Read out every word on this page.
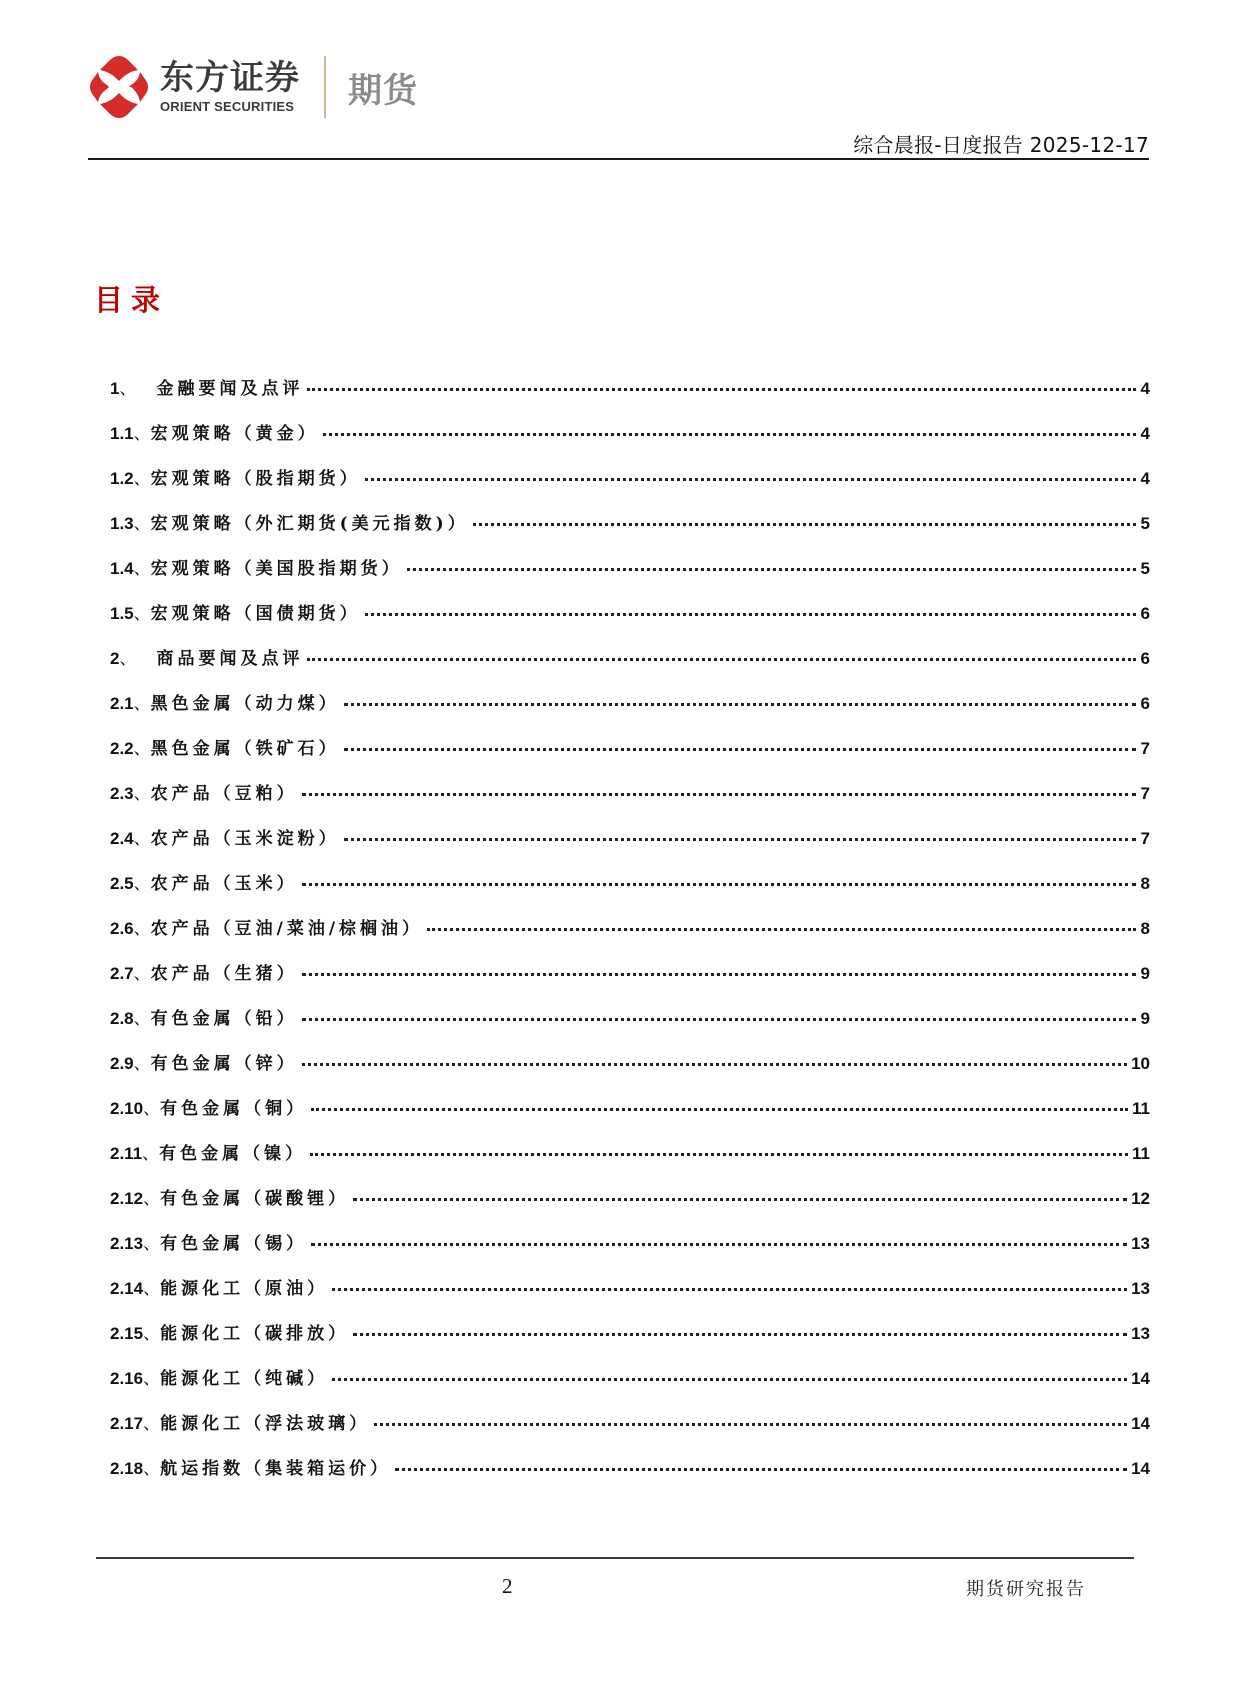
东方证券
ORIENT SECURITIES 期货
综合晨报-日度报告 2025-12-17
目录
1 、 金融要闻及点评	4
1.1 、 宏观策略（黄金）	4
1.2 、 宏观策略（股指期货）	4
1.3 、 宏观策略（外汇期货(美元指数)）	5
1.4 、 宏观策略（美国股指期货）	5
1.5 、 宏观策略（国债期货）	6
2 、 商品要闻及点评	6
2.1 、 黑色金属（动力煤）	6
2.2 、 黑色金属（铁矿石）	7
2.3 、 农产品（豆粕）	7
2.4 、 农产品（玉米淀粉）	7
2.5 、 农产品（玉米）	8
2.6 、 农产品（豆油/菜油/棕榈油）	8
2.7 、 农产品（生猪）	9
2.8 、 有色金属（铅）	9
2.9 、 有色金属（锌）	10
2.10 、 有色金属（铜）	11
2.11 、 有色金属（镍）	11
2.12 、 有色金属（碳酸锂）	12
2.13 、 有色金属（锡）	13
2.14 、 能源化工（原油）	13
2.15 、 能源化工（碳排放）	13
2.16 、 能源化工（纯碱）	14
2.17 、 能源化工（浮法玻璃）	14
2.18 、 航运指数（集装箱运价）	14
2	期货研究报告
